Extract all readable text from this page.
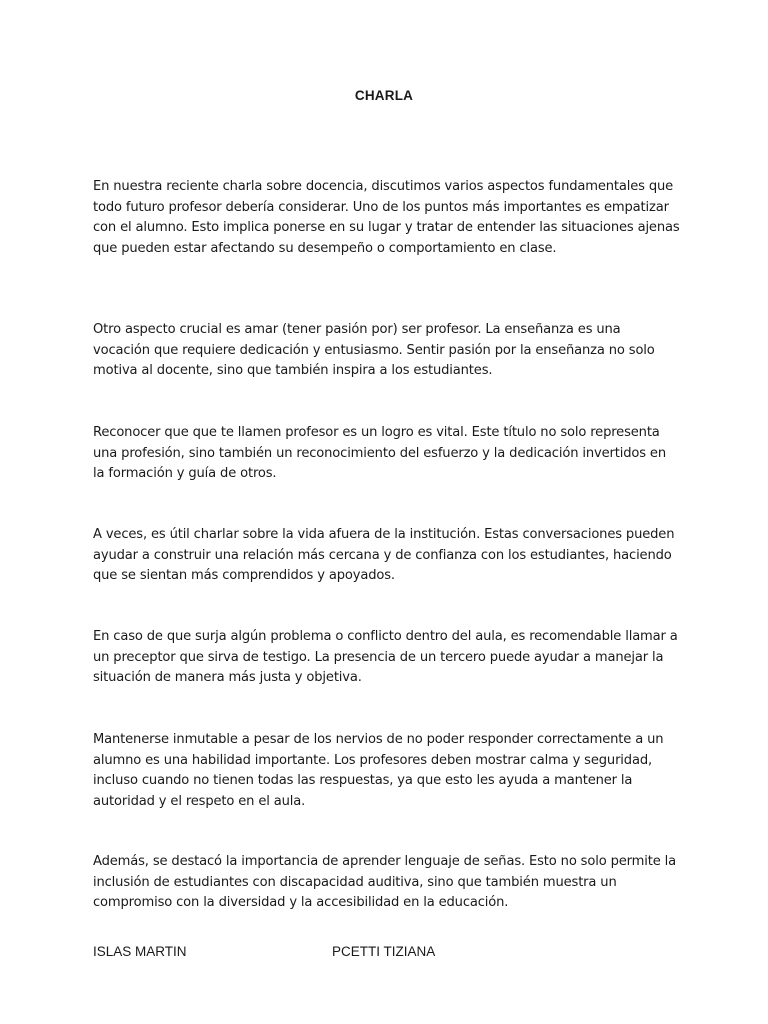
CHARLA

En nuestra reciente charla sobre docencia, discutimos varios aspectos fundamentales que todo futuro profesor debería considerar. Uno de los puntos más importantes es empatizar con el alumno. Esto implica ponerse en su lugar y tratar de entender las situaciones ajenas que pueden estar afectando su desempeño o comportamiento en clase.

Otro aspecto crucial es amar (tener pasión por) ser profesor. La enseñanza es una vocación que requiere dedicación y entusiasmo. Sentir pasión por la enseñanza no solo motiva al docente, sino que también inspira a los estudiantes.

Reconocer que que te llamen profesor es un logro es vital. Este título no solo representa una profesión, sino también un reconocimiento del esfuerzo y la dedicación invertidos en la formación y guía de otros.

A veces, es útil charlar sobre la vida afuera de la institución. Estas conversaciones pueden ayudar a construir una relación más cercana y de confianza con los estudiantes, haciendo que se sientan más comprendidos y apoyados.

En caso de que surja algún problema o conflicto dentro del aula, es recomendable llamar a un preceptor que sirva de testigo. La presencia de un tercero puede ayudar a manejar la situación de manera más justa y objetiva.

Mantenerse inmutable a pesar de los nervios de no poder responder correctamente a un alumno es una habilidad importante. Los profesores deben mostrar calma y seguridad, incluso cuando no tienen todas las respuestas, ya que esto les ayuda a mantener la autoridad y el respeto en el aula.

Además, se destacó la importancia de aprender lenguaje de señas. Esto no solo permite la inclusión de estudiantes con discapacidad auditiva, sino que también muestra un compromiso con la diversidad y la accesibilidad en la educación.

ISLAS MARTIN	PCETTI TIZIANA
